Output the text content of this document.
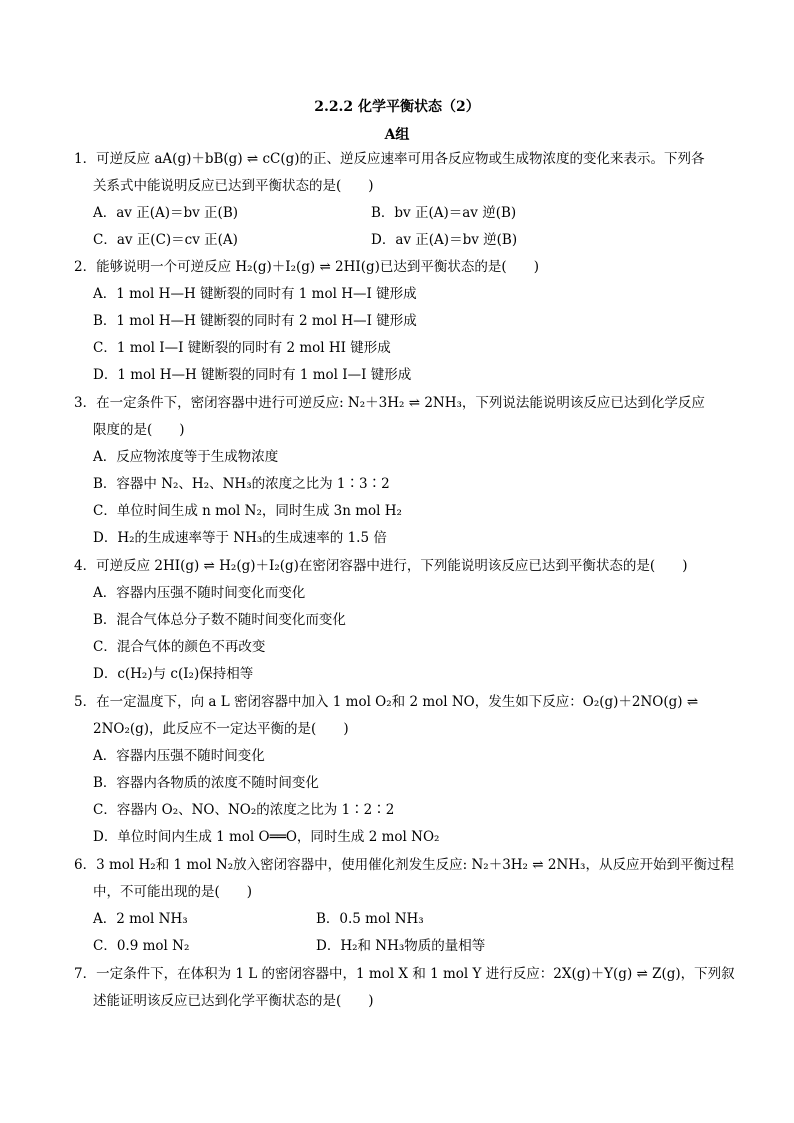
2.2.2 化学平衡状态（2）
A组
1．可逆反应 aA(g)＋bB(g) ⇌ cC(g)的正、逆反应速率可用各反应物或生成物浓度的变化来表示。下列各
关系式中能说明反应已达到平衡状态的是(　　)
A．av 正(A)＝bv 正(B)	B．bv 正(A)＝av 逆(B)
C．av 正(C)＝cv 正(A)	D．av 正(A)＝bv 逆(B)
2．能够说明一个可逆反应 H₂(g)＋I₂(g) ⇌ 2HI(g)已达到平衡状态的是(　　)
A．1 mol H—H 键断裂的同时有 1 mol H—I 键形成
B．1 mol H—H 键断裂的同时有 2 mol H—I 键形成
C．1 mol I—I 键断裂的同时有 2 mol HI 键形成
D．1 mol H—H 键断裂的同时有 1 mol I—I 键形成
3．在一定条件下，密闭容器中进行可逆反应: N₂＋3H₂ ⇌ 2NH₃，下列说法能说明该反应已达到化学反应
限度的是(　　)
A．反应物浓度等于生成物浓度
B．容器中 N₂、H₂、NH₃的浓度之比为 1∶3∶2
C．单位时间生成 n mol N₂，同时生成 3n mol H₂
D．H₂的生成速率等于 NH₃的生成速率的 1.5 倍
4．可逆反应 2HI(g) ⇌ H₂(g)＋I₂(g)在密闭容器中进行，下列能说明该反应已达到平衡状态的是(　　)
A．容器内压强不随时间变化而变化
B．混合气体总分子数不随时间变化而变化
C．混合气体的颜色不再改变
D．c(H₂)与 c(I₂)保持相等
5．在一定温度下，向 a L 密闭容器中加入 1 mol O₂和 2 mol NO，发生如下反应：O₂(g)＋2NO(g) ⇌
2NO₂(g)，此反应不一定达平衡的是(　　)
A．容器内压强不随时间变化
B．容器内各物质的浓度不随时间变化
C．容器内 O₂、NO、NO₂的浓度之比为 1∶2∶2
D．单位时间内生成 1 mol O══O，同时生成 2 mol NO₂
6．3 mol H₂和 1 mol N₂放入密闭容器中，使用催化剂发生反应: N₂＋3H₂ ⇌ 2NH₃，从反应开始到平衡过程
中，不可能出现的是(　　)
A．2 mol NH₃	B．0.5 mol NH₃
C．0.9 mol N₂	D．H₂和 NH₃物质的量相等
7．一定条件下，在体积为 1 L 的密闭容器中，1 mol X 和 1 mol Y 进行反应：2X(g)＋Y(g) ⇌ Z(g)，下列叙
述能证明该反应已达到化学平衡状态的是(　　)
